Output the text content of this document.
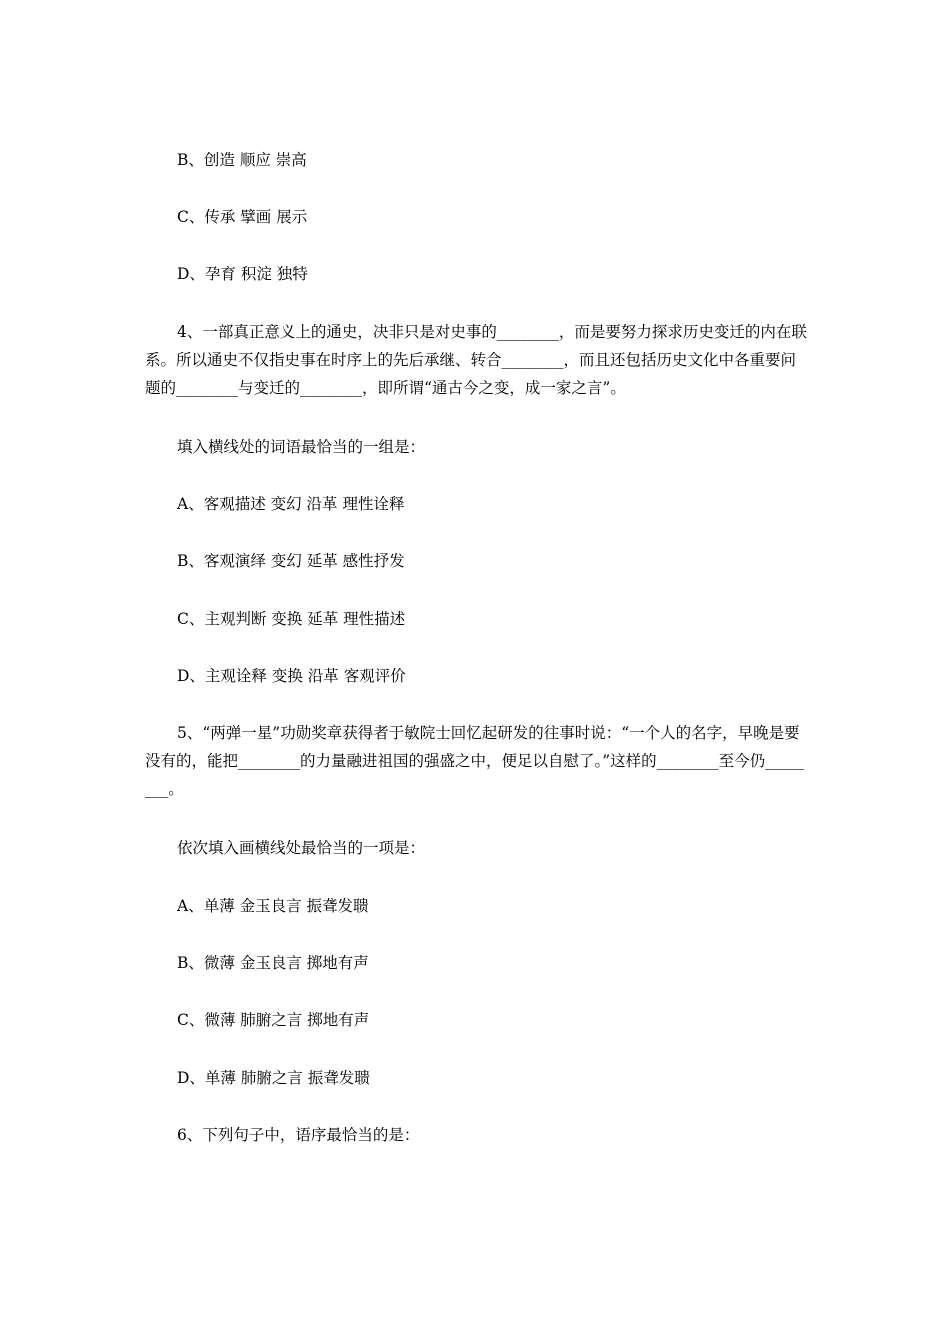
B、创造 顺应 崇高

C、传承 擘画 展示

D、孕育 积淀 独特

4、一部真正意义上的通史，决非只是对史事的________，而是要努力探求历史变迁的内在联系。所以通史不仅指史事在时序上的先后承继、转合________，而且还包括历史文化中各重要问题的________与变迁的________，即所谓“通古今之变，成一家之言”。

填入横线处的词语最恰当的一组是：

A、客观描述 变幻 沿革 理性诠释

B、客观演绎 变幻 延革 感性抒发

C、主观判断 变换 延革 理性描述

D、主观诠释 变换 沿革 客观评价

5、“两弹一星”功勋奖章获得者于敏院士回忆起研发的往事时说：“一个人的名字，早晚是要没有的，能把________的力量融进祖国的强盛之中，便足以自慰了。”这样的________至今仍________。

依次填入画横线处最恰当的一项是：

A、单薄 金玉良言 振聋发聩

B、微薄 金玉良言 掷地有声

C、微薄 肺腑之言 掷地有声

D、单薄 肺腑之言 振聋发聩

6、下列句子中，语序最恰当的是：
